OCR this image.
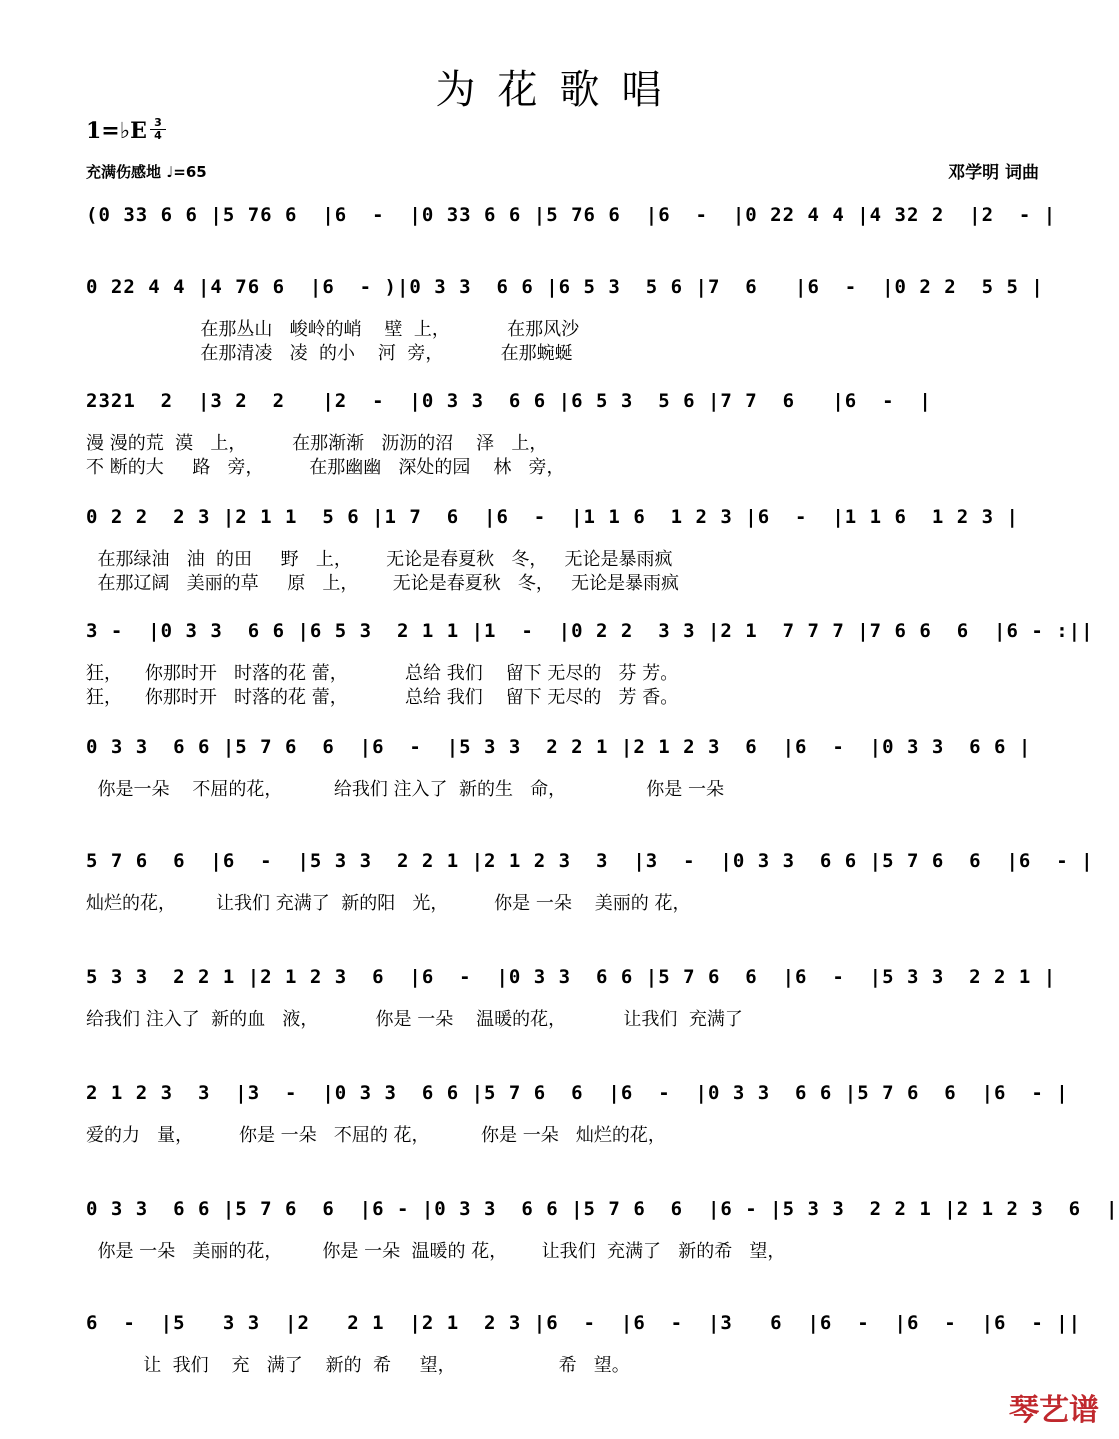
为花歌唱
1=♭E 3
4
充满伤感地 ♩=65	邓学明 词曲
(0 33 6 6 |5 76 6  |6  -  |0 33 6 6 |5 76 6  |6  -  |0 22 4 4 |4 32 2  |2  - |
0 22 4 4 |4 76 6  |6  - )|0 3 3  6 6 |6 5 3  5 6 |7  6   |6  -  |0 2 2  5 5 |
在那丛山   峻岭的峭    壁  上，          在那风沙
在那清凌   凌  的小    河  旁，          在那蜿蜒
2321  2  |3 2  2   |2  -  |0 3 3  6 6 |6 5 3  5 6 |7 7  6   |6  -  |
漫 漫的荒  漠   上，        在那渐渐   沥沥的沼    泽   上，
不 断的大     路   旁，        在那幽幽   深处的园    林   旁，
0 2 2  2 3 |2 1 1  5 6 |1 7  6  |6  -  |1 1 6  1 2 3 |6  -  |1 1 6  1 2 3 |
在那绿油   油  的田     野   上，      无论是春夏秋   冬，   无论是暴雨疯
在那辽阔   美丽的草     原   上，      无论是春夏秋   冬，   无论是暴雨疯
3 -  |0 3 3  6 6 |6 5 3  2 1 1 |1  -  |0 2 2  3 3 |2 1  7 7 7 |7 6 6  6  |6 - :||
狂，    你那时开   时落的花 蕾，          总给 我们    留下 无尽的   芬 芳。
狂，    你那时开   时落的花 蕾，          总给 我们    留下 无尽的   芳 香。
0 3 3  6 6 |5 7 6  6  |6  -  |5 3 3  2 2 1 |2 1 2 3  6  |6  -  |0 3 3  6 6 |
你是一朵    不屈的花，         给我们 注入了  新的生   命，              你是 一朵
5 7 6  6  |6  -  |5 3 3  2 2 1 |2 1 2 3  3  |3  -  |0 3 3  6 6 |5 7 6  6  |6  - |
灿烂的花，       让我们 充满了  新的阳   光，        你是 一朵    美丽的 花，
5 3 3  2 2 1 |2 1 2 3  6  |6  -  |0 3 3  6 6 |5 7 6  6  |6  -  |5 3 3  2 2 1 |
给我们 注入了  新的血   液，          你是 一朵    温暖的花，          让我们  充满了
2 1 2 3  3  |3  -  |0 3 3  6 6 |5 7 6  6  |6  -  |0 3 3  6 6 |5 7 6  6  |6  - |
爱的力   量，        你是 一朵   不屈的 花，         你是 一朵   灿烂的花，
0 3 3  6 6 |5 7 6  6  |6 - |0 3 3  6 6 |5 7 6  6  |6 - |5 3 3  2 2 1 |2 1 2 3  6  |
你是 一朵   美丽的花，       你是 一朵  温暖的 花，      让我们  充满了   新的希   望，
6  -  |5   3 3  |2   2 1  |2 1  2 3 |6  -  |6  -  |3   6  |6  -  |6  -  |6  - ||
让  我们    充   满了    新的  希     望，                  希   望。
琴艺谱
